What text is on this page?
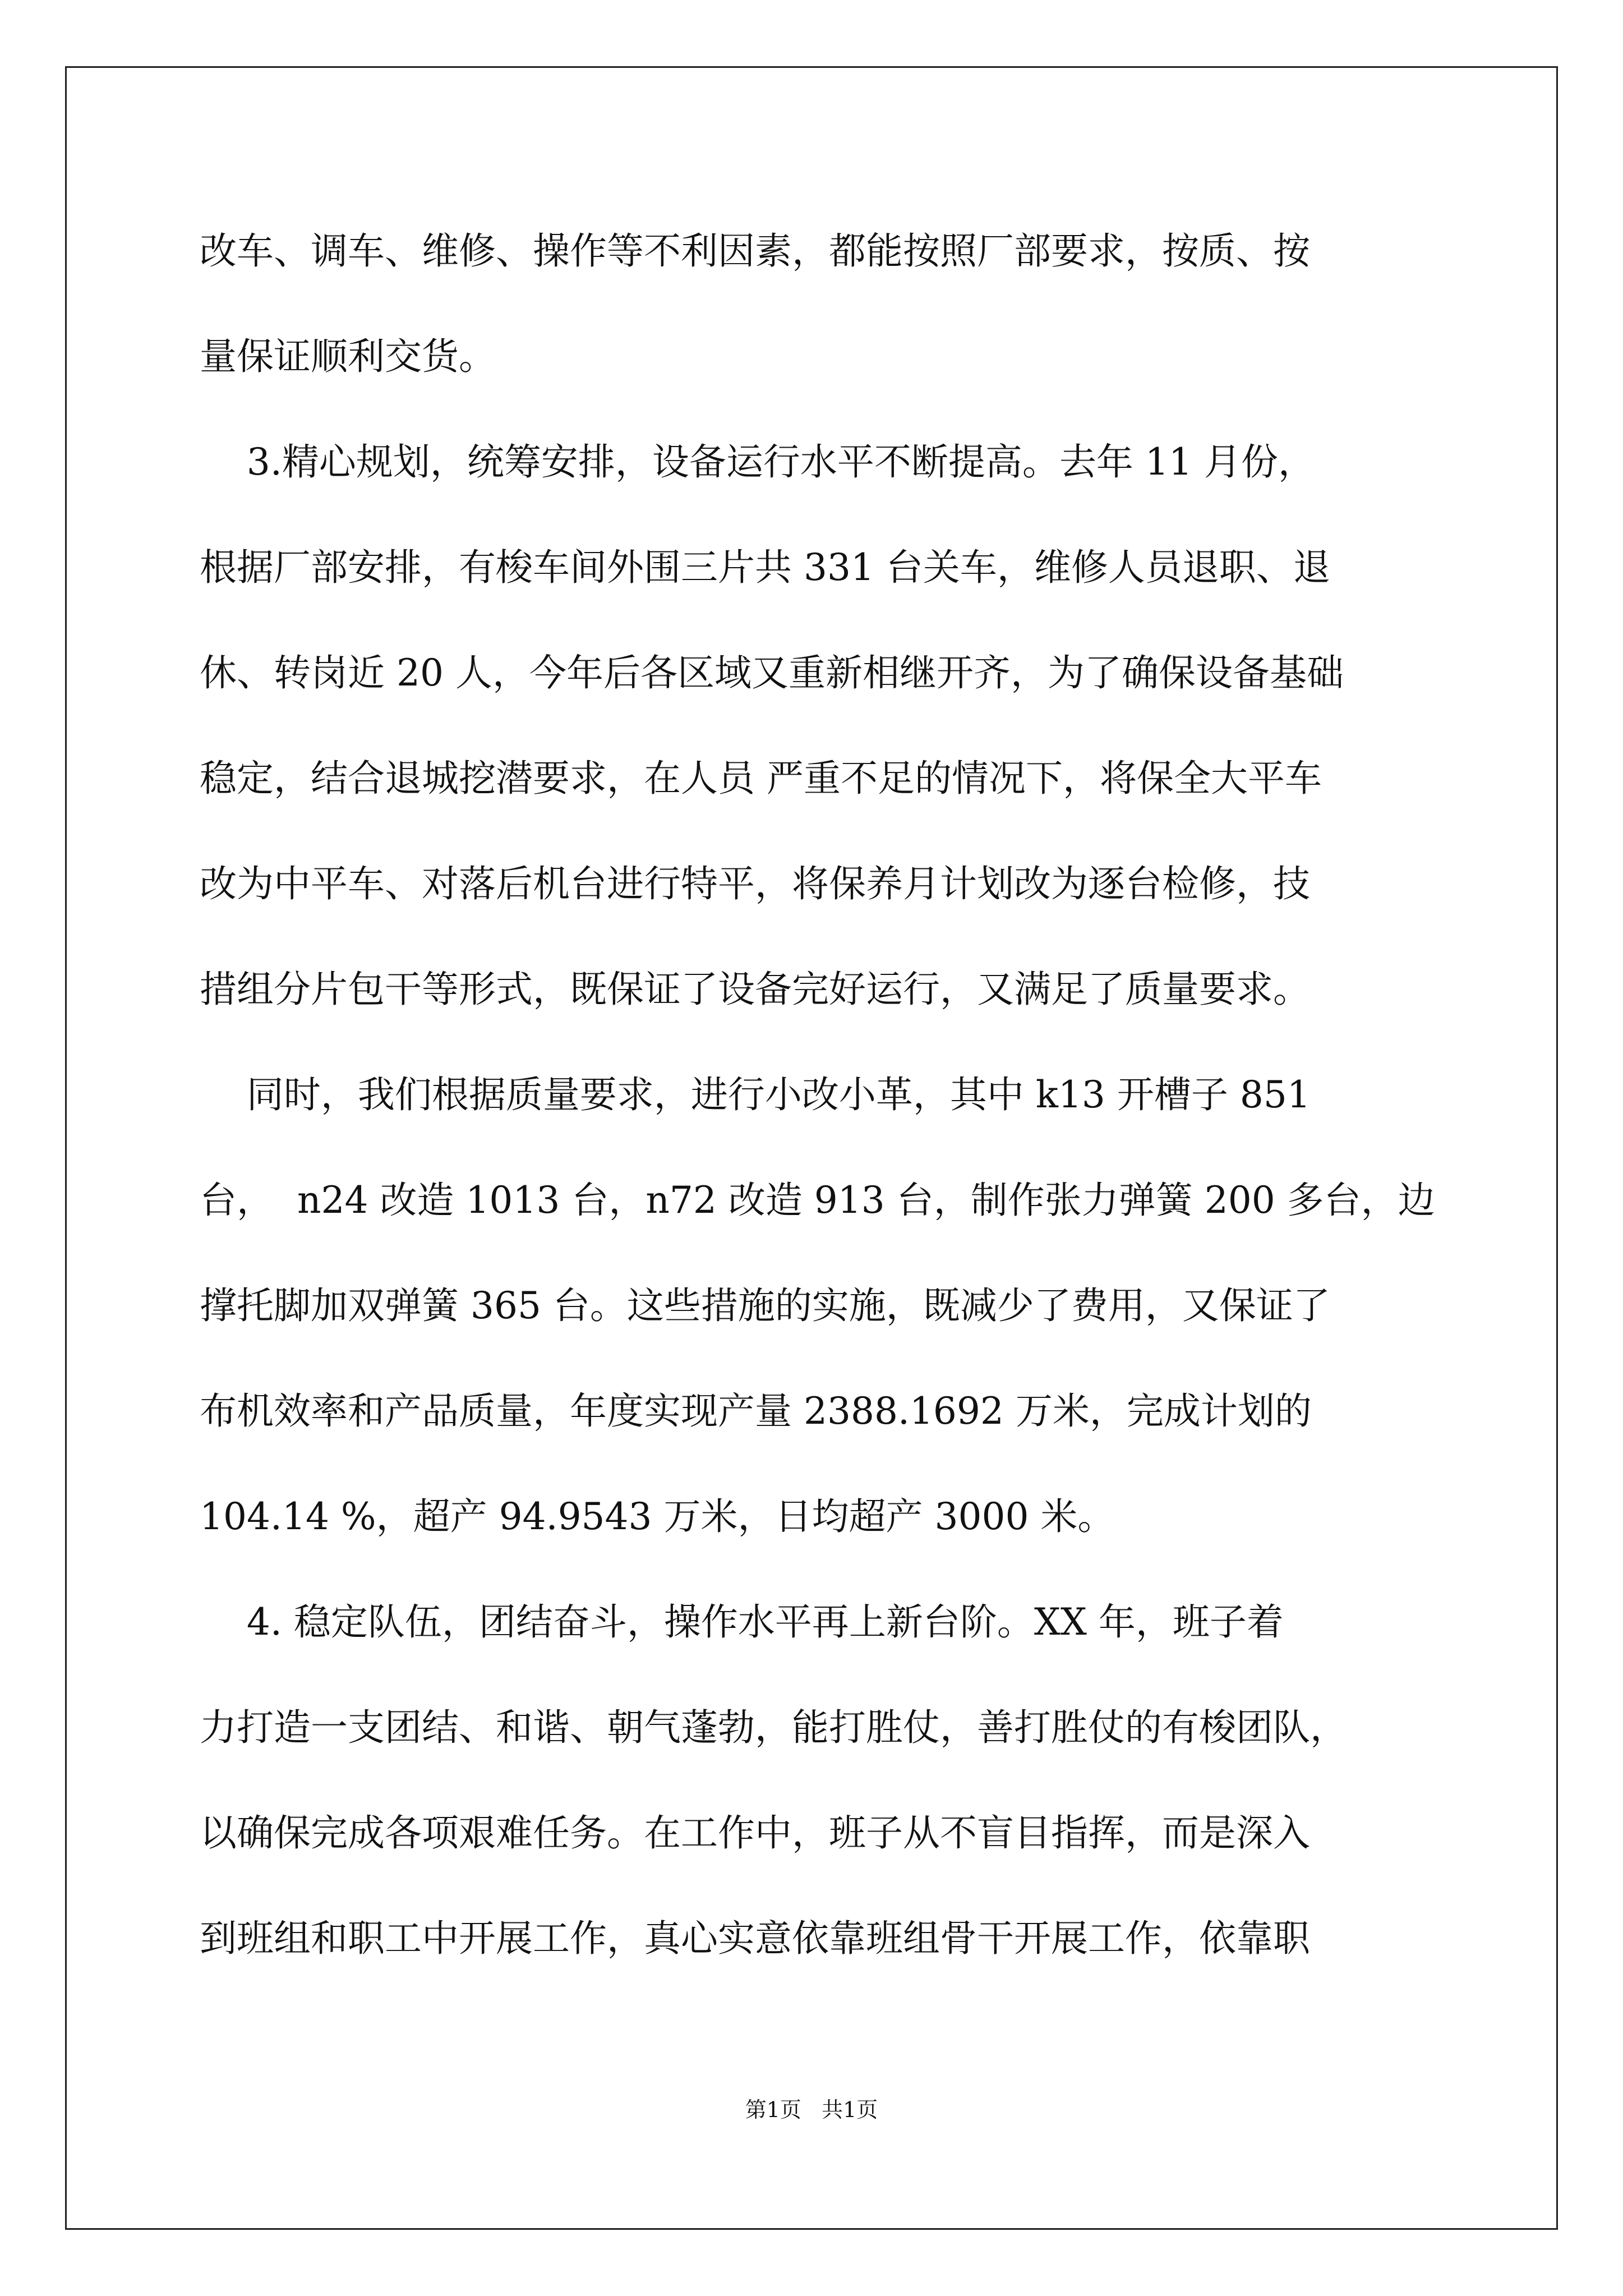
改车、调车、维修、操作等不利因素，都能按照厂部要求，按质、按
量保证顺利交货。
3.精心规划，统筹安排，设备运行水平不断提高。去年 11 月份，
根据厂部安排，有梭车间外围三片共 331 台关车，维修人员退职、退
休、转岗近 20 人，今年后各区域又重新相继开齐，为了确保设备基础
稳定，结合退城挖潜要求，在人员 严重不足的情况下，将保全大平车
改为中平车、对落后机台进行特平，将保养月计划改为逐台检修，技
措组分片包干等形式，既保证了设备完好运行，又满足了质量要求。
同时，我们根据质量要求，进行小改小革，其中 k13 开槽子 851
台，  n24 改造 1013 台，n72 改造 913 台，制作张力弹簧 200 多台，边
撑托脚加双弹簧 365 台。这些措施的实施，既减少了费用，又保证了
布机效率和产品质量，年度实现产量 2388.1692 万米，完成计划的
104.14 %，超产 94.9543 万米，日均超产 3000 米。
4. 稳定队伍，团结奋斗，操作水平再上新台阶。XX 年，班子着
力打造一支团结、和谐、朝气蓬勃，能打胜仗，善打胜仗的有梭团队，
以确保完成各项艰难任务。在工作中，班子从不盲目指挥，而是深入
到班组和职工中开展工作，真心实意依靠班组骨干开展工作，依靠职
第1页   共1页
